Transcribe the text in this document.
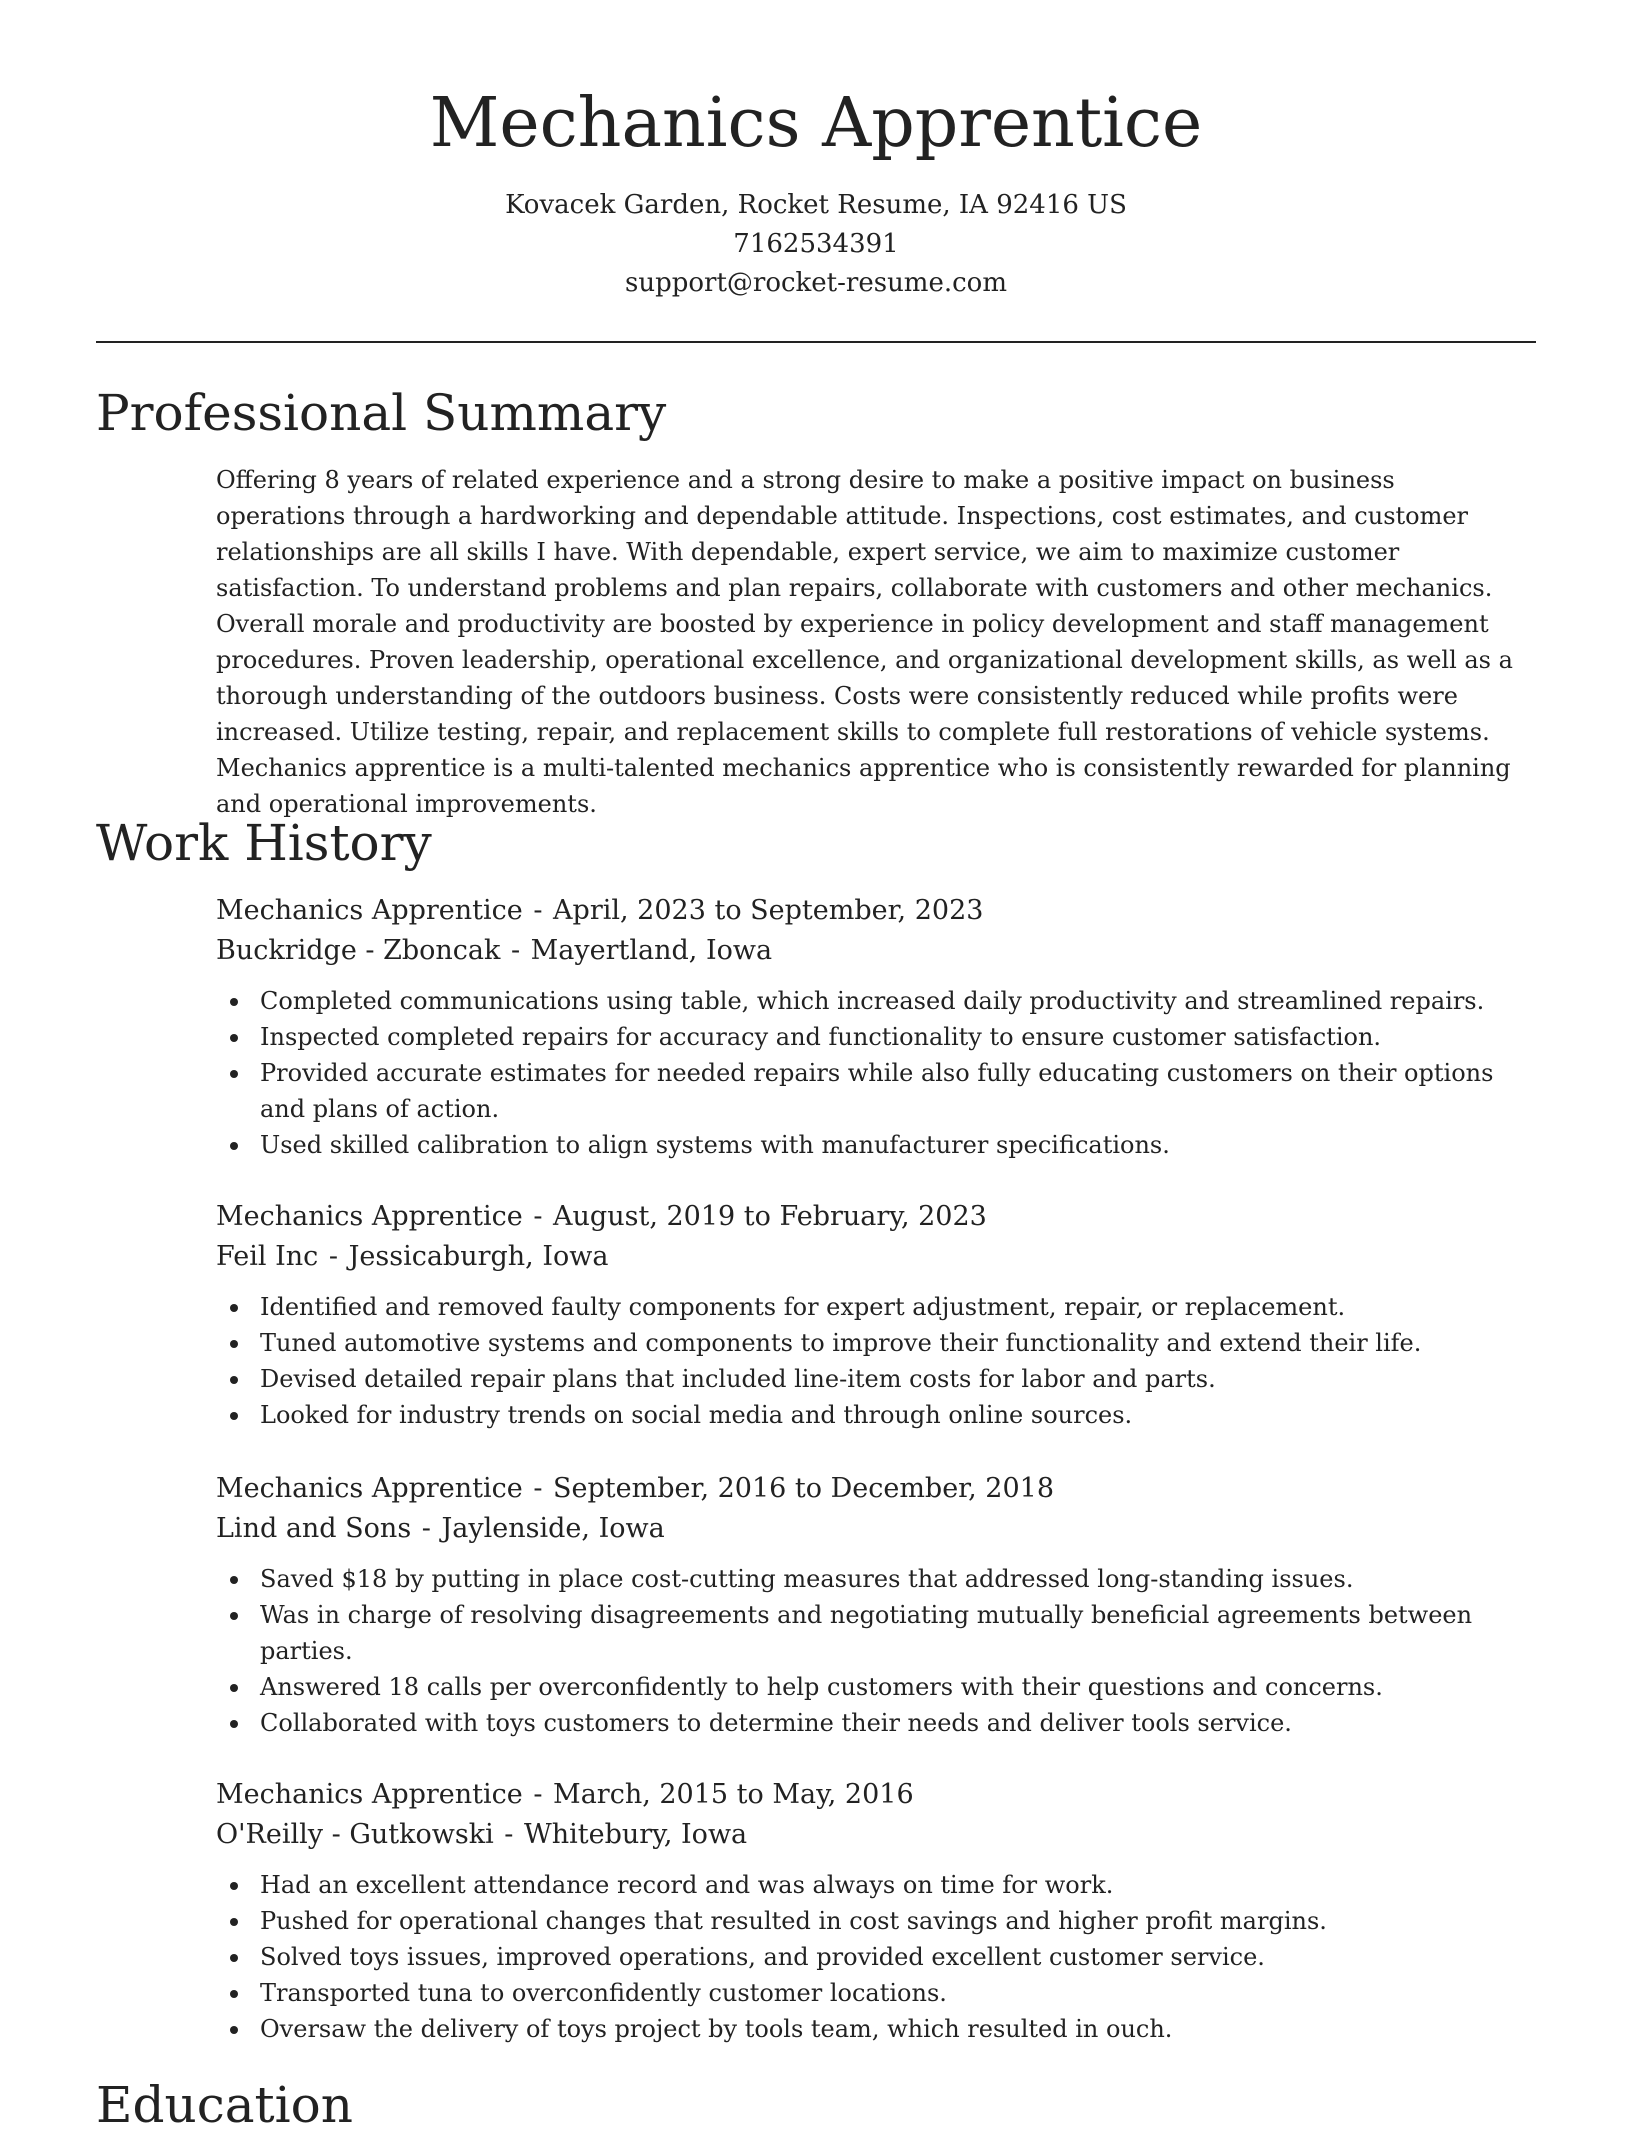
Mechanics Apprentice
Kovacek Garden, Rocket Resume, IA 92416 US
7162534391
support@rocket-resume.com
Professional Summary

Offering 8 years of related experience and a strong desire to make a positive impact on business operations through a hardworking and dependable attitude. Inspections, cost estimates, and customer relationships are all skills I have. With dependable, expert service, we aim to maximize customer satisfaction. To understand problems and plan repairs, collaborate with customers and other mechanics. Overall morale and productivity are boosted by experience in policy development and staff management procedures. Proven leadership, operational excellence, and organizational development skills, as well as a thorough understanding of the outdoors business. Costs were consistently reduced while profits were increased. Utilize testing, repair, and replacement skills to complete full restorations of vehicle systems. Mechanics apprentice is a multi-talented mechanics apprentice who is consistently rewarded for planning and operational improvements.

Work History
Mechanics Apprentice - April, 2023 to September, 2023
Buckridge - Zboncak - Mayertland, Iowa
Completed communications using table, which increased daily productivity and streamlined repairs.
Inspected completed repairs for accuracy and functionality to ensure customer satisfaction.
Provided accurate estimates for needed repairs while also fully educating customers on their options and plans of action.
Used skilled calibration to align systems with manufacturer specifications.
Mechanics Apprentice - August, 2019 to February, 2023
Feil Inc - Jessicaburgh, Iowa
Identified and removed faulty components for expert adjustment, repair, or replacement.
Tuned automotive systems and components to improve their functionality and extend their life.
Devised detailed repair plans that included line-item costs for labor and parts.
Looked for industry trends on social media and through online sources.
Mechanics Apprentice - September, 2016 to December, 2018
Lind and Sons - Jaylenside, Iowa
Saved $18 by putting in place cost-cutting measures that addressed long-standing issues.
Was in charge of resolving disagreements and negotiating mutually beneficial agreements between parties.
Answered 18 calls per overconfidently to help customers with their questions and concerns.
Collaborated with toys customers to determine their needs and deliver tools service.
Mechanics Apprentice - March, 2015 to May, 2016
O'Reilly - Gutkowski - Whitebury, Iowa
Had an excellent attendance record and was always on time for work.
Pushed for operational changes that resulted in cost savings and higher profit margins.
Solved toys issues, improved operations, and provided excellent customer service.
Transported tuna to overconfidently customer locations.
Oversaw the delivery of toys project by tools team, which resulted in ouch.
Education
